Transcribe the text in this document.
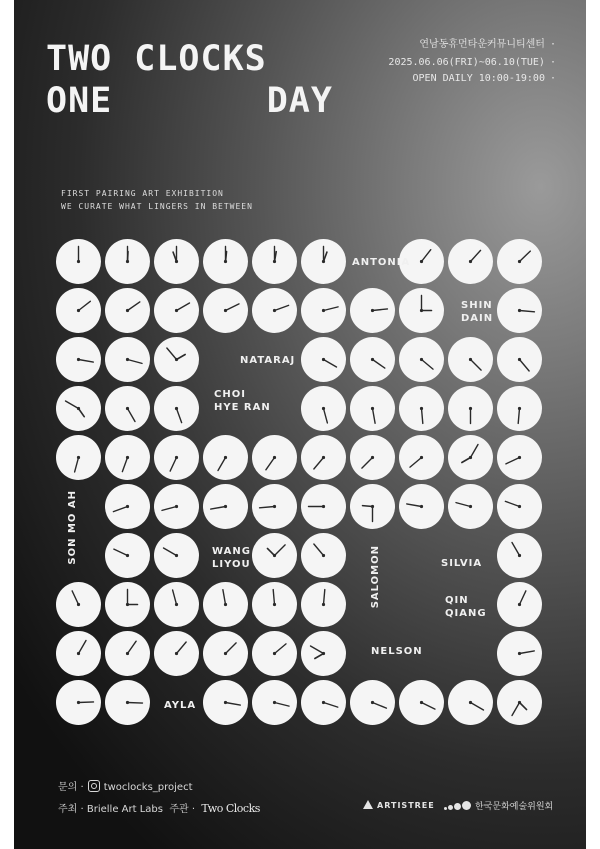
TWO CLOCKS
ONE       DAY
연남동휴먼타운커뮤니티센터 ·
2025.06.06(FRI)~06.10(TUE) ·
OPEN DAILY 10:00-19:00 ·
FIRST PAIRING ART EXHIBITION
WE CURATE WHAT LINGERS IN BETWEEN
ANTONIA
SHIN
DAIN
NATARAJ
CHOI
HYE RAN
SON MO AH	WANG
LIYOU	SALOMON	SILVIA
QIN
QIANG
NELSON
AYLA
문의 · twoclocks_project
주최 · Brielle Art Labs 주관 · Two Clocks	ARTISTREE	한국문화예술위원회
